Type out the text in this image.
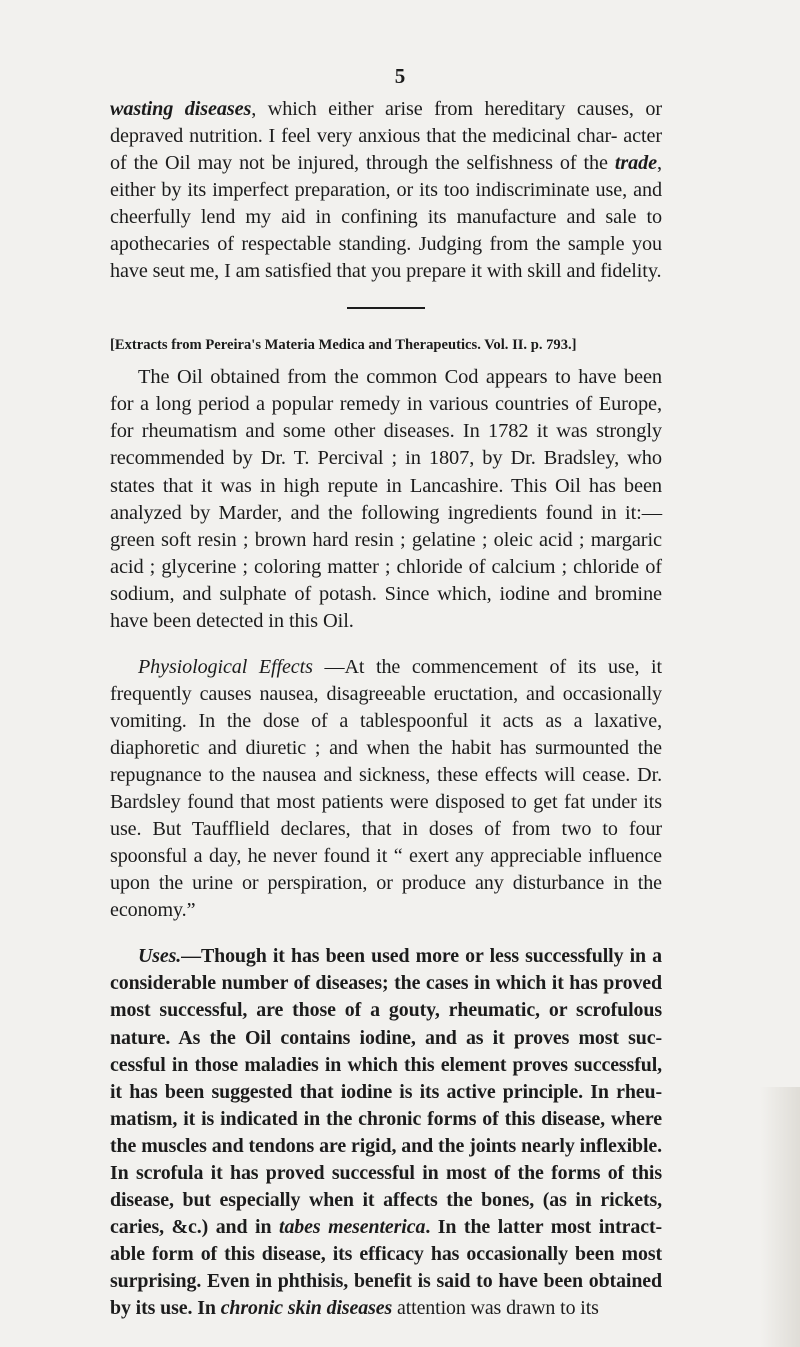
5

wasting diseases, which either arise from hereditary causes, or depraved nutrition. I feel very anxious that the medicinal char- acter of the Oil may not be injured, through the selfishness of the trade, either by its imperfect preparation, or its too indiscriminate use, and cheerfully lend my aid in confining its manufacture and sale to apothecaries of respectable standing. Judging from the sample you have seut me, I am satisfied that you prepare it with skill and fidelity.

[Extracts from Pereira's Materia Medica and Therapeutics. Vol. II. p. 793.]

The Oil obtained from the common Cod appears to have been for a long period a popular remedy in various countries of Europe, for rheumatism and some other diseases. In 1782 it was strongly recommended by Dr. T. Percival ; in 1807, by Dr. Bradsley, who states that it was in high repute in Lancashire. This Oil has been analyzed by Marder, and the following ingredients found in it:— green soft resin ; brown hard resin ; gelatine ; oleic acid ; margaric acid ; glycerine ; coloring matter ; chloride of calcium ; chloride of sodium, and sulphate of potash. Since which, iodine and bromine have been detected in this Oil.

Physiological Effects —At the commencement of its use, it frequently causes nausea, disagreeable eructation, and occasionally vomiting. In the dose of a tablespoonful it acts as a laxative, diaphoretic and diuretic ; and when the habit has surmounted the repugnance to the nausea and sickness, these effects will cease. Dr. Bardsley found that most patients were disposed to get fat under its use. But Taufflield declares, that in doses of from two to four spoonsful a day, he never found it “ exert any appreciable influence upon the urine or perspiration, or produce any disturbance in the economy.”

Uses.—Though it has been used more or less successfully in a considerable number of diseases; the cases in which it has proved most successful, are those of a gouty, rheumatic, or scrofulous nature. As the Oil contains iodine, and as it proves most suc- cessful in those maladies in which this element proves successful, it has been suggested that iodine is its active principle. In rheu- matism, it is indicated in the chronic forms of this disease, where the muscles and tendons are rigid, and the joints nearly inflexible. In scrofula it has proved successful in most of the forms of this disease, but especially when it affects the bones, (as in rickets, caries, &c.) and in tabes mesenterica. In the latter most intract- able form of this disease, its efficacy has occasionally been most surprising. Even in phthisis, benefit is said to have been obtained by its use. In chronic skin diseases attention was drawn to its
